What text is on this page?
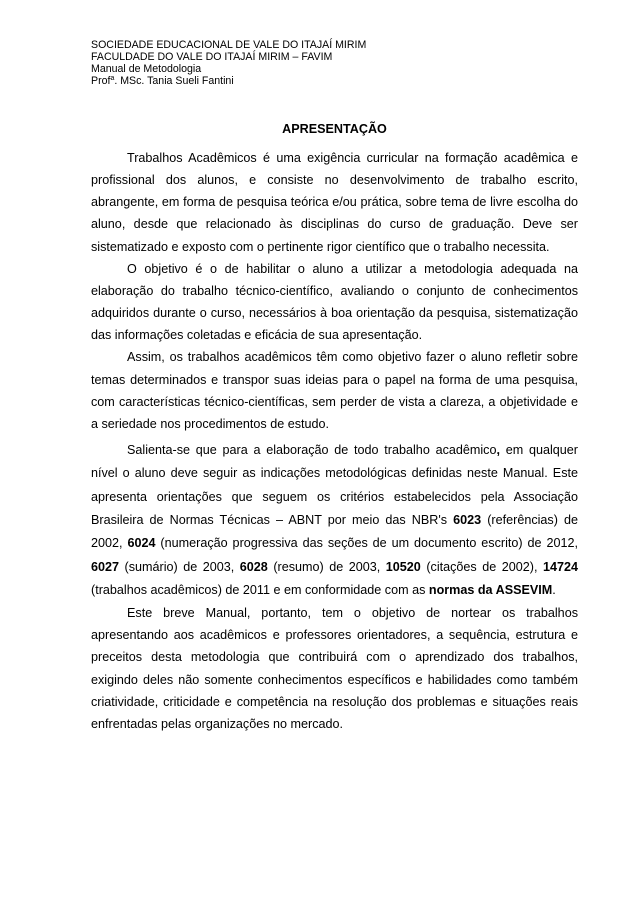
SOCIEDADE EDUCACIONAL DE VALE DO ITAJAÍ MIRIM
FACULDADE DO VALE DO ITAJAÍ MIRIM – FAVIM
Manual de Metodologia
Prof$^a$. MSc. Tania Sueli Fantini
APRESENTAÇÃO

Trabalhos Acadêmicos é uma exigência curricular na formação acadêmica e profissional dos alunos, e consiste no desenvolvimento de trabalho escrito, abrangente, em forma de pesquisa teórica e/ou prática, sobre tema de livre escolha do aluno, desde que relacionado às disciplinas do curso de graduação. Deve ser sistematizado e exposto com o pertinente rigor científico que o trabalho necessita.

O objetivo é o de habilitar o aluno a utilizar a metodologia adequada na elaboração do trabalho técnico-científico, avaliando o conjunto de conhecimentos adquiridos durante o curso, necessários à boa orientação da pesquisa, sistematização das informações coletadas e eficácia de sua apresentação.

Assim, os trabalhos acadêmicos têm como objetivo fazer o aluno refletir sobre temas determinados e transpor suas ideias para o papel na forma de uma pesquisa, com características técnico-científicas, sem perder de vista a clareza, a objetividade e a seriedade nos procedimentos de estudo.

Salienta-se que para a elaboração de todo trabalho acadêmico, em qualquer nível o aluno deve seguir as indicações metodológicas definidas neste Manual. Este apresenta orientações que seguem os critérios estabelecidos pela Associação Brasileira de Normas Técnicas – ABNT por meio das NBR's 6023 (referências) de 2002, 6024 (numeração progressiva das seções de um documento escrito) de 2012, 6027 (sumário) de 2003, 6028 (resumo) de 2003, 10520 (citações de 2002), 14724 (trabalhos acadêmicos) de 2011 e em conformidade com as normas da ASSEVIM.

Este breve Manual, portanto, tem o objetivo de nortear os trabalhos apresentando aos acadêmicos e professores orientadores, a sequência, estrutura e preceitos desta metodologia que contribuirá com o aprendizado dos trabalhos, exigindo deles não somente conhecimentos específicos e habilidades como também criatividade, criticidade e competência na resolução dos problemas e situações reais enfrentadas pelas organizações no mercado.
